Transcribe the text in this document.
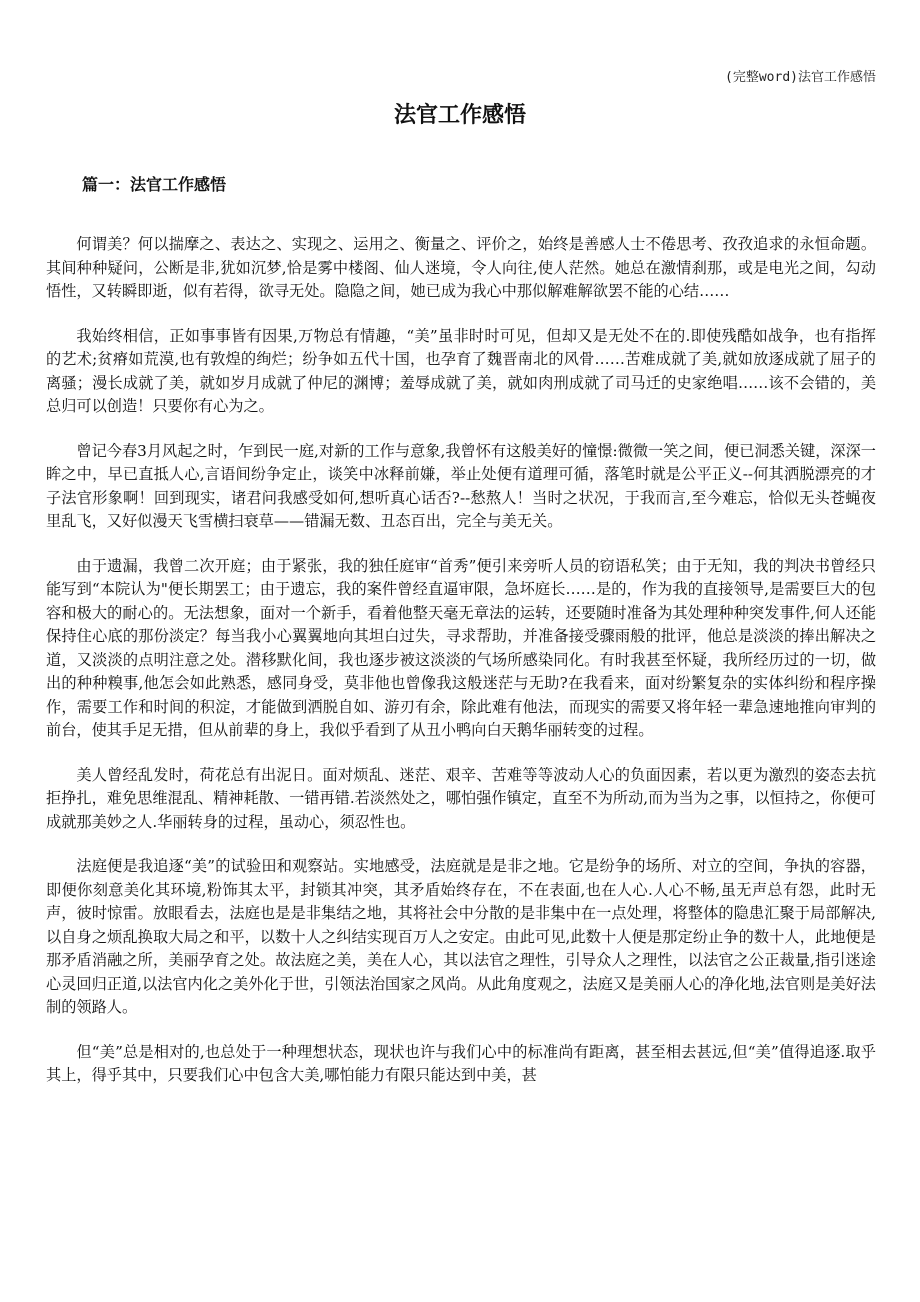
(完整word)法官工作感悟
法官工作感悟
篇一：法官工作感悟

何谓美？何以揣摩之、表达之、实现之、运用之、衡量之、评价之，始终是善感人士不倦思考、孜孜追求的永恒命题。其间种种疑问，公断是非,犹如沉梦,恰是雾中楼阁、仙人迷境，令人向往,使人茫然。她总在激情刹那，或是电光之间，勾动悟性，又转瞬即逝，似有若得，欲寻无处。隐隐之间，她已成为我心中那似解难解欲罢不能的心结……

我始终相信，正如事事皆有因果,万物总有情趣，“美”虽非时时可见，但却又是无处不在的.即使残酷如战争，也有指挥的艺术;贫瘠如荒漠,也有敦煌的绚烂；纷争如五代十国，也孕育了魏晋南北的风骨……苦难成就了美,就如放逐成就了屈子的离骚；漫长成就了美，就如岁月成就了仲尼的渊博；羞辱成就了美，就如肉刑成就了司马迁的史家绝唱……该不会错的，美总归可以创造！只要你有心为之。

曾记今春3月风起之时，乍到民一庭,对新的工作与意象,我曾怀有这般美好的憧憬:微微一笑之间，便已洞悉关键，深深一眸之中，早已直抵人心,言语间纷争定止，谈笑中冰释前嫌，举止处便有道理可循，落笔时就是公平正义--何其洒脱漂亮的才子法官形象啊！回到现实，诸君问我感受如何,想听真心话否?--愁熬人！当时之状况，于我而言,至今难忘，恰似无头苍蝇夜里乱飞，又好似漫天飞雪横扫衰草——错漏无数、丑态百出，完全与美无关。

由于遗漏，我曾二次开庭；由于紧张，我的独任庭审“首秀”便引来旁听人员的窃语私笑；由于无知，我的判决书曾经只能写到“本院认为"便长期罢工；由于遗忘，我的案件曾经直逼审限，急坏庭长……是的，作为我的直接领导,是需要巨大的包容和极大的耐心的。无法想象，面对一个新手，看着他整天毫无章法的运转，还要随时准备为其处理种种突发事件,何人还能保持住心底的那份淡定？每当我小心翼翼地向其坦白过失，寻求帮助，并准备接受骤雨般的批评，他总是淡淡的捧出解决之道，又淡淡的点明注意之处。潜移默化间，我也逐步被这淡淡的气场所感染同化。有时我甚至怀疑，我所经历过的一切，做出的种种糗事,他怎会如此熟悉，感同身受，莫非他也曾像我这般迷茫与无助?在我看来，面对纷繁复杂的实体纠纷和程序操作，需要工作和时间的积淀，才能做到洒脱自如、游刃有余，除此难有他法，而现实的需要又将年轻一辈急速地推向审判的前台，使其手足无措，但从前辈的身上，我似乎看到了从丑小鸭向白天鹅华丽转变的过程。

美人曾经乱发时，荷花总有出泥日。面对烦乱、迷茫、艰辛、苦难等等波动人心的负面因素，若以更为激烈的姿态去抗拒挣扎，难免思维混乱、精神耗散、一错再错.若淡然处之，哪怕强作镇定，直至不为所动,而为当为之事，以恒持之，你便可成就那美妙之人.华丽转身的过程，虽动心，须忍性也。

法庭便是我追逐“美”的试验田和观察站。实地感受，法庭就是是非之地。它是纷争的场所、对立的空间，争执的容器，即便你刻意美化其环境,粉饰其太平，封锁其冲突，其矛盾始终存在，不在表面,也在人心.人心不畅,虽无声总有怨，此时无声，彼时惊雷。放眼看去，法庭也是是非集结之地，其将社会中分散的是非集中在一点处理，将整体的隐患汇聚于局部解决,以自身之烦乱换取大局之和平，以数十人之纠结实现百万人之安定。由此可见,此数十人便是那定纷止争的数十人，此地便是那矛盾消融之所，美丽孕育之处。故法庭之美，美在人心，其以法官之理性，引导众人之理性，以法官之公正裁量,指引迷途心灵回归正道,以法官内化之美外化于世，引领法治国家之风尚。从此角度观之，法庭又是美丽人心的净化地,法官则是美好法制的领路人。

但“美”总是相对的,也总处于一种理想状态，现状也许与我们心中的标准尚有距离，甚至相去甚远,但“美”值得追逐.取乎其上，得乎其中，只要我们心中包含大美,哪怕能力有限只能达到中美，甚
